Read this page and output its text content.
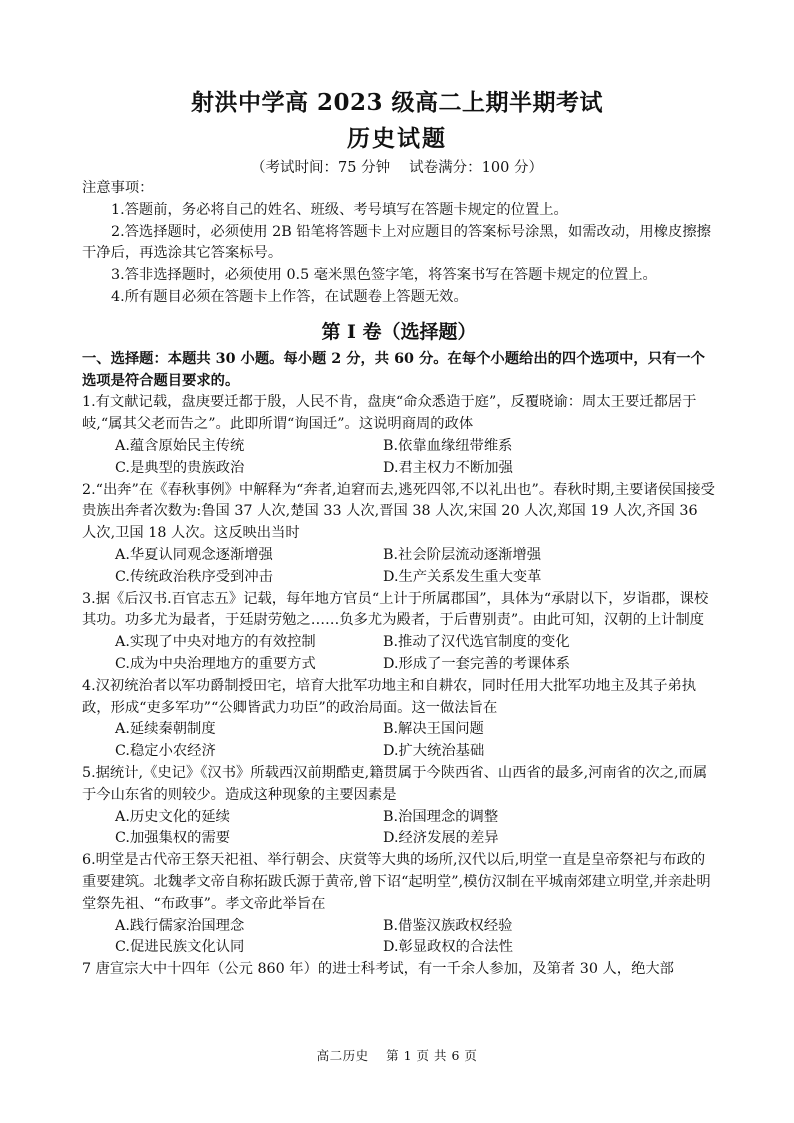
射洪中学高 2023 级高二上期半期考试
历史试题
（考试时间：75 分钟　 试卷满分：100 分）

注意事项：

1.答题前，务必将自己的姓名、班级、考号填写在答题卡规定的位置上。

2.答选择题时，必须使用 2B 铅笔将答题卡上对应题目的答案标号涂黑，如需改动，用橡皮擦擦干净后，再选涂其它答案标号。

3.答非选择题时，必须使用 0.5 毫米黑色签字笔，将答案书写在答题卡规定的位置上。

4.所有题目必须在答题卡上作答，在试题卷上答题无效。

第 I 卷（选择题）

一、选择题：本题共 30 小题。每小题 2 分，共 60 分。在每个小题给出的四个选项中，只有一个选项是符合题目要求的。

1.有文献记载，盘庚要迁都于殷，人民不肯，盘庚“命众悉造于庭”，反覆晓谕：周太王要迁都居于岐,“属其父老而告之”。此即所谓“询国迁”。这说明商周的政体

A.蕴含原始民主传统	B.依靠血缘纽带维系
C.是典型的贵族政治	D.君主权力不断加强

2.“出奔”在《春秋事例》中解释为“奔者,迫窘而去,逃死四邻,不以礼出也”。春秋时期,主要诸侯国接受贵族出奔者次数为:鲁国 37 人次,楚国 33 人次,晋国 38 人次,宋国 20 人次,郑国 19 人次,齐国 36 人次,卫国 18 人次。这反映出当时

A.华夏认同观念逐渐增强	B.社会阶层流动逐渐增强
C.传统政治秩序受到冲击	D.生产关系发生重大变革

3.据《后汉书.百官志五》记载，每年地方官员“上计于所属郡国”，具体为“承尉以下，岁诣郡，课校其功。功多尤为最者，于廷尉劳勉之……负多尤为殿者，于后曹别责”。由此可知，汉朝的上计制度

A.实现了中央对地方的有效控制	B.推动了汉代选官制度的变化
C.成为中央治理地方的重要方式	D.形成了一套完善的考课体系

4.汉初统治者以军功爵制授田宅，培育大批军功地主和自耕农，同时任用大批军功地主及其子弟执政，形成“吏多军功”“公卿皆武力功臣”的政治局面。这一做法旨在

A.延续秦朝制度	B.解决王国问题
C.稳定小农经济	D.扩大统治基础

5.据统计,《史记》《汉书》所载西汉前期酷吏,籍贯属于今陕西省、山西省的最多,河南省的次之,而属于今山东省的则较少。造成这种现象的主要因素是

A.历史文化的延续	B.治国理念的调整
C.加强集权的需要	D.经济发展的差异

6.明堂是古代帝王祭天祀祖、举行朝会、庆赏等大典的场所,汉代以后,明堂一直是皇帝祭祀与布政的重要建筑。北魏孝文帝自称拓跋氏源于黄帝,曾下诏“起明堂”,模仿汉制在平城南郊建立明堂,并亲赴明堂祭先祖、“布政事”。孝文帝此举旨在

A.践行儒家治国理念	B.借鉴汉族政权经验
C.促进民族文化认同	D.彰显政权的合法性

7 唐宣宗大中十四年（公元 860 年）的进士科考试，有一千余人参加，及第者 30 人，绝大部

高二历史　 第 1 页 共 6 页
